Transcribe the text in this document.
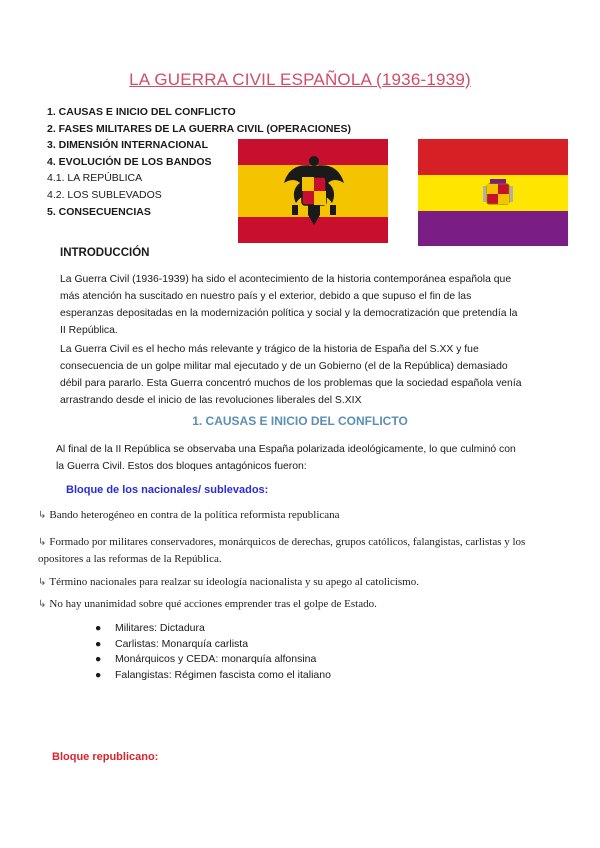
LA GUERRA CIVIL ESPAÑOLA (1936-1939)
1. CAUSAS E INICIO DEL CONFLICTO
2. FASES MILITARES DE LA GUERRA CIVIL (OPERACIONES)
3. DIMENSIÓN INTERNACIONAL
4. EVOLUCIÓN DE LOS BANDOS
4.1. LA REPÚBLICA
4.2. LOS SUBLEVADOS
5. CONSECUENCIAS
INTRODUCCIÓN
La Guerra Civil (1936-1939) ha sido el acontecimiento de la historia contemporánea española que
más atención ha suscitado en nuestro país y el exterior, debido a que supuso el fin de las
esperanzas depositadas en la modernización política y social y la democratización que pretendía la
II República.
La Guerra Civil es el hecho más relevante y trágico de la historia de España del S.XX y fue
consecuencia de un golpe militar mal ejecutado y de un Gobierno (el de la República) demasiado
débil para pararlo. Esta Guerra concentró muchos de los problemas que la sociedad española venía
arrastrando desde el inicio de las revoluciones liberales del S.XIX
1. CAUSAS E INICIO DEL CONFLICTO
Al final de la II República se observaba una España polarizada ideológicamente, lo que culminó con
la Guerra Civil. Estos dos bloques antagónicos fueron:
Bloque de los nacionales/ sublevados:
↳ Bando heterogéneo en contra de la política reformista republicana
↳ Formado por militares conservadores, monárquicos de derechas, grupos católicos, falangistas, carlistas y los
opositores a las reformas de la República.
↳ Término nacionales para realzar su ideología nacionalista y su apego al catolicismo.
↳ No hay unanimidad sobre qué acciones emprender tras el golpe de Estado.
● Militares: Dictadura
● Carlistas: Monarquía carlista
● Monárquicos y CEDA: monarquía alfonsina
● Falangistas: Régimen fascista como el italiano
Bloque republicano:
